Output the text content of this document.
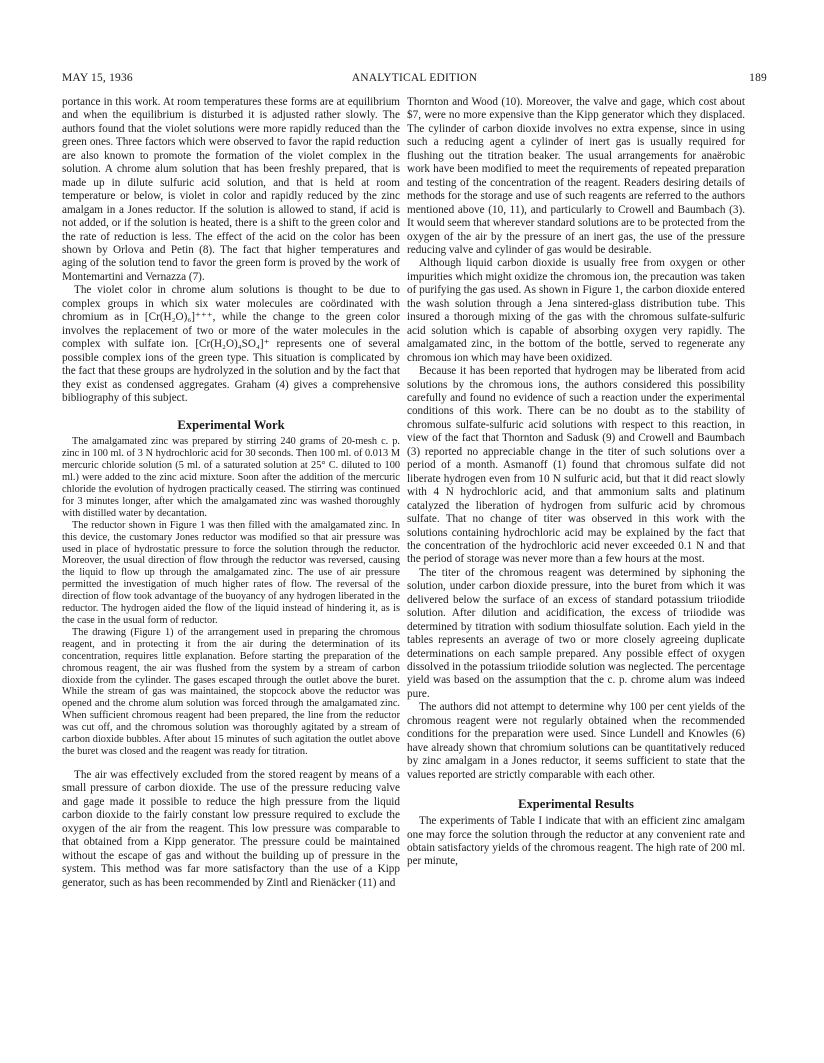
MAY 15, 1936	ANALYTICAL EDITION	189

portance in this work. At room temperatures these forms are at equilibrium and when the equilibrium is disturbed it is adjusted rather slowly. The authors found that the violet solutions were more rapidly reduced than the green ones. Three factors which were observed to favor the rapid reduction are also known to promote the formation of the violet complex in the solution. A chrome alum solution that has been freshly prepared, that is made up in dilute sulfuric acid solution, and that is held at room temperature or below, is violet in color and rapidly reduced by the zinc amalgam in a Jones reductor. If the solution is allowed to stand, if acid is not added, or if the solution is heated, there is a shift to the green color and the rate of reduction is less. The effect of the acid on the color has been shown by Orlova and Petin (8). The fact that higher temperatures and aging of the solution tend to favor the green form is proved by the work of Montemartini and Vernazza (7).

The violet color in chrome alum solutions is thought to be due to complex groups in which six water molecules are coördinated with chromium as in [Cr(H₂O)₆]⁺⁺⁺, while the change to the green color involves the replacement of two or more of the water molecules in the complex with sulfate ion. [Cr(H₂O)₄SO₄]⁺ represents one of several possible complex ions of the green type. This situation is complicated by the fact that these groups are hydrolyzed in the solution and by the fact that they exist as condensed aggregates. Graham (4) gives a comprehensive bibliography of this subject.

Experimental Work

The amalgamated zinc was prepared by stirring 240 grams of 20-mesh c. p. zinc in 100 ml. of 3 N hydrochloric acid for 30 seconds. Then 100 ml. of 0.013 M mercuric chloride solution (5 ml. of a saturated solution at 25° C. diluted to 100 ml.) were added to the zinc acid mixture. Soon after the addition of the mercuric chloride the evolution of hydrogen practically ceased. The stirring was continued for 3 minutes longer, after which the amalgamated zinc was washed thoroughly with distilled water by decantation.

The reductor shown in Figure 1 was then filled with the amalgamated zinc. In this device, the customary Jones reductor was modified so that air pressure was used in place of hydrostatic pressure to force the solution through the reductor. Moreover, the usual direction of flow through the reductor was reversed, causing the liquid to flow up through the amalgamated zinc. The use of air pressure permitted the investigation of much higher rates of flow. The reversal of the direction of flow took advantage of the buoyancy of any hydrogen liberated in the reductor. The hydrogen aided the flow of the liquid instead of hindering it, as is the case in the usual form of reductor.

The drawing (Figure 1) of the arrangement used in preparing the chromous reagent, and in protecting it from the air during the determination of its concentration, requires little explanation. Before starting the preparation of the chromous reagent, the air was flushed from the system by a stream of carbon dioxide from the cylinder. The gases escaped through the outlet above the buret. While the stream of gas was maintained, the stopcock above the reductor was opened and the chrome alum solution was forced through the amalgamated zinc. When sufficient chromous reagent had been prepared, the line from the reductor was cut off, and the chromous solution was thoroughly agitated by a stream of carbon dioxide bubbles. After about 15 minutes of such agitation the outlet above the buret was closed and the reagent was ready for titration.

The air was effectively excluded from the stored reagent by means of a small pressure of carbon dioxide. The use of the pressure reducing valve and gage made it possible to reduce the high pressure from the liquid carbon dioxide to the fairly constant low pressure required to exclude the oxygen of the air from the reagent. This low pressure was comparable to that obtained from a Kipp generator. The pressure could be maintained without the escape of gas and without the building up of pressure in the system. This method was far more satisfactory than the use of a Kipp generator, such as has been recommended by Zintl and Rienäcker (11) and

Thornton and Wood (10). Moreover, the valve and gage, which cost about $7, were no more expensive than the Kipp generator which they displaced. The cylinder of carbon dioxide involves no extra expense, since in using such a reducing agent a cylinder of inert gas is usually required for flushing out the titration beaker. The usual arrangements for anaërobic work have been modified to meet the requirements of repeated preparation and testing of the concentration of the reagent. Readers desiring details of methods for the storage and use of such reagents are referred to the authors mentioned above (10, 11), and particularly to Crowell and Baumbach (3). It would seem that wherever standard solutions are to be protected from the oxygen of the air by the pressure of an inert gas, the use of the pressure reducing valve and cylinder of gas would be desirable.

Although liquid carbon dioxide is usually free from oxygen or other impurities which might oxidize the chromous ion, the precaution was taken of purifying the gas used. As shown in Figure 1, the carbon dioxide entered the wash solution through a Jena sintered-glass distribution tube. This insured a thorough mixing of the gas with the chromous sulfate-sulfuric acid solution which is capable of absorbing oxygen very rapidly. The amalgamated zinc, in the bottom of the bottle, served to regenerate any chromous ion which may have been oxidized.

Because it has been reported that hydrogen may be liberated from acid solutions by the chromous ions, the authors considered this possibility carefully and found no evidence of such a reaction under the experimental conditions of this work. There can be no doubt as to the stability of chromous sulfate-sulfuric acid solutions with respect to this reaction, in view of the fact that Thornton and Sadusk (9) and Crowell and Baumbach (3) reported no appreciable change in the titer of such solutions over a period of a month. Asmanoff (1) found that chromous sulfate did not liberate hydrogen even from 10 N sulfuric acid, but that it did react slowly with 4 N hydrochloric acid, and that ammonium salts and platinum catalyzed the liberation of hydrogen from sulfuric acid by chromous sulfate. That no change of titer was observed in this work with the solutions containing hydrochloric acid may be explained by the fact that the concentration of the hydrochloric acid never exceeded 0.1 N and that the period of storage was never more than a few hours at the most.

The titer of the chromous reagent was determined by siphoning the solution, under carbon dioxide pressure, into the buret from which it was delivered below the surface of an excess of standard potassium triiodide solution. After dilution and acidification, the excess of triiodide was determined by titration with sodium thiosulfate solution. Each yield in the tables represents an average of two or more closely agreeing duplicate determinations on each sample prepared. Any possible effect of oxygen dissolved in the potassium triiodide solution was neglected. The percentage yield was based on the assumption that the c. p. chrome alum was indeed pure.

The authors did not attempt to determine why 100 per cent yields of the chromous reagent were not regularly obtained when the recommended conditions for the preparation were used. Since Lundell and Knowles (6) have already shown that chromium solutions can be quantitatively reduced by zinc amalgam in a Jones reductor, it seems sufficient to state that the values reported are strictly comparable with each other.

Experimental Results

The experiments of Table I indicate that with an efficient zinc amalgam one may force the solution through the reductor at any convenient rate and obtain satisfactory yields of the chromous reagent. The high rate of 200 ml. per minute,
